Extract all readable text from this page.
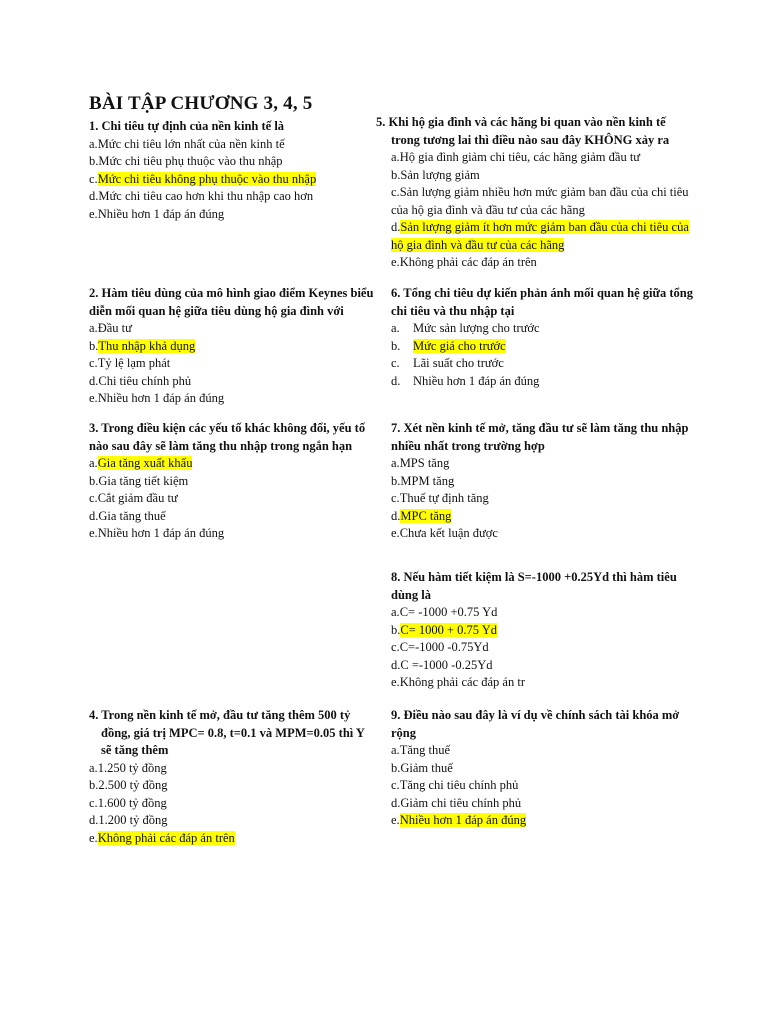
BÀI TẬP CHƯƠNG 3, 4, 5

1. Chi tiêu tự định của nền kinh tế là

a.Mức chi tiêu lớn nhất của nền kinh tế

b.Mức chi tiêu phụ thuộc vào thu nhập

c.Mức chi tiêu không phụ thuộc vào thu nhập

d.Mức chi tiêu cao hơn khi thu nhập cao hơn

e.Nhiều hơn 1 đáp án đúng

2. Hàm tiêu dùng của mô hình giao điểm Keynes biểu
diễn mối quan hệ giữa tiêu dùng hộ gia đình với

a.Đầu tư

b.Thu nhập khả dụng

c.Tỷ lệ lạm phát

d.Chi tiêu chính phủ

e.Nhiều hơn 1 đáp án đúng

3. Trong điều kiện các yếu tố khác không đổi, yếu tố
nào sau đây sẽ làm tăng thu nhập trong ngắn hạn

a.Gia tăng xuất khẩu

b.Gia tăng tiết kiệm

c.Cắt giảm đầu tư

d.Gia tăng thuế

e.Nhiều hơn 1 đáp án đúng

4. Trong nền kinh tế mở, đầu tư tăng thêm 500 tỷ
đồng, giá trị MPC= 0.8, t=0.1 và MPM=0.05 thì Y
sẽ tăng thêm

a.1.250 tỷ đồng

b.2.500 tỷ đồng

c.1.600 tỷ đồng

d.1.200 tỷ đồng

e.Không phải các đáp án trên

5. Khi hộ gia đình và các hãng bi quan vào nền kinh tế
trong tương lai thì điều nào sau đây KHÔNG xảy ra

a.Hộ gia đình giảm chi tiêu, các hãng giảm đầu tư

b.Sản lượng giảm

c.Sản lượng giảm nhiều hơn mức giảm ban đầu của chi tiêu
của hộ gia đình và đầu tư của các hãng

d.Sản lượng giảm ít hơn mức giảm ban đầu của chi tiêu của
hộ gia đình và đầu tư của các hãng

e.Không phải các đáp án trên

6. Tổng chi tiêu dự kiến phản ánh mối quan hệ giữa tổng
chi tiêu và thu nhập tại

a. Mức sản lượng cho trước

b. Mức giá cho trước

c. Lãi suất cho trước

d. Nhiều hơn 1 đáp án đúng

7. Xét nền kinh tế mở, tăng đầu tư sẽ làm tăng thu nhập
nhiều nhất trong trường hợp

a.MPS tăng

b.MPM tăng

c.Thuế tự định tăng

d.MPC tăng

e.Chưa kết luận được

8. Nếu hàm tiết kiệm là S=-1000 +0.25Yd thì hàm tiêu
dùng là

a.C= -1000 +0.75 Yd

b.C= 1000 + 0.75 Yd

c.C=-1000 -0.75Yd

d.C =-1000 -0.25Yd

e.Không phải các đáp án tr

9. Điều nào sau đây là ví dụ về chính sách tài khóa mở
rộng

a.Tăng thuế

b.Giảm thuế

c.Tăng chi tiêu chính phủ

d.Giảm chi tiêu chính phủ

e.Nhiều hơn 1 đáp án đúng
